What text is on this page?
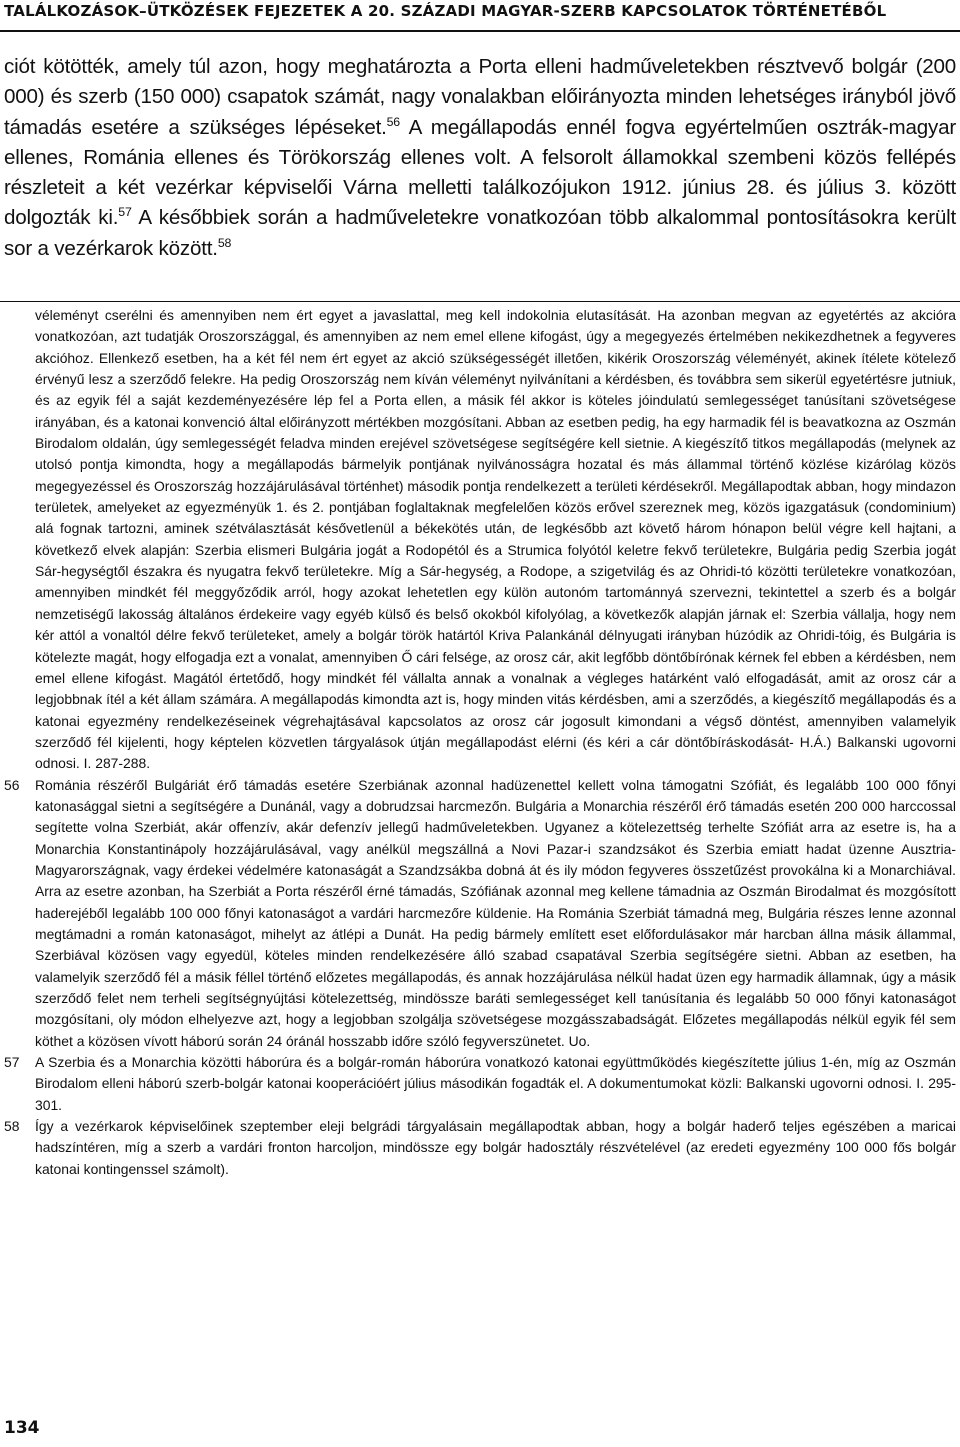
TALÁLKOZÁSOK–ÜTKÖZÉSEK FEJEZETEK A 20. SZÁZADI MAGYAR-SZERB KAPCSOLATOK TÖRTÉNETÉBŐL

ciót kötötték, amely túl azon, hogy meghatározta a Porta elleni hadműveletekben résztvevő bolgár (200 000) és szerb (150 000) csapatok számát, nagy vonalakban előirányozta minden lehetséges irányból jövő támadás esetére a szükséges lépéseket.$^{56}$ A megállapodás ennél fogva egyértelműen osztrák-magyar ellenes, Románia ellenes és Törökország ellenes volt. A felsorolt államokkal szembeni közös fellépés részleteit a két vezérkar képviselői Várna melletti találkozójukon 1912. június 28. és július 3. között dolgozták ki.$^{57}$ A későbbiek során a hadműveletekre vonatkozóan több alkalommal pontosításokra került sor a vezérkarok között.$^{58}$

véleményt cserélni és amennyiben nem ért egyet a javaslattal, meg kell indokolnia elutasítását. Ha azonban megvan az egyetértés az akcióra vonatkozóan, azt tudatják Oroszországgal, és amennyiben az nem emel ellene kifogást, úgy a megegyezés értelmében nekikezdhetnek a fegyveres akcióhoz. Ellenkező esetben, ha a két fél nem ért egyet az akció szükségességét illetően, kikérik Oroszország véleményét, akinek ítélete kötelező érvényű lesz a szerződő felekre. Ha pedig Oroszország nem kíván véleményt nyilvánítani a kérdésben, és továbbra sem sikerül egyetértésre jutniuk, és az egyik fél a saját kezdeményezésére lép fel a Porta ellen, a másik fél akkor is köteles jóindulatú semlegességet tanúsítani szövetségese irányában, és a katonai konvenció által előirányzott mértékben mozgósítani. Abban az esetben pedig, ha egy harmadik fél is beavatkozna az Oszmán Birodalom oldalán, úgy semlegességét feladva minden erejével szövetségese segítségére kell sietnie. A kiegészítő titkos megállapodás (melynek az utolsó pontja kimondta, hogy a megállapodás bármelyik pontjának nyilvánosságra hozatal és más állammal történő közlése kizárólag közös megegyezéssel és Oroszország hozzájárulásával történhet) második pontja rendelkezett a területi kérdésekről. Megállapodtak abban, hogy mindazon területek, amelyeket az egyezményük 1. és 2. pontjában foglaltaknak megfelelően közös erővel szereznek meg, közös igazgatásuk (condominium) alá fognak tartozni, aminek szétválasztását késővetlenül a békekötés után, de legkésőbb azt követő három hónapon belül végre kell hajtani, a következő elvek alapján: Szerbia elismeri Bulgária jogát a Rodopétól és a Strumica folyótól keletre fekvő területekre, Bulgária pedig Szerbia jogát Sár-hegységtől északra és nyugatra fekvő területekre. Míg a Sár-hegység, a Rodope, a szigetvilág és az Ohridi-tó közötti területekre vonatkozóan, amennyiben mindkét fél meggyőződik arról, hogy azokat lehetetlen egy külön autonóm tartománnyá szervezni, tekintettel a szerb és a bolgár nemzetiségű lakosság általános érdekeire vagy egyéb külső és belső okokból kifolyólag, a következők alapján járnak el: Szerbia vállalja, hogy nem kér attól a vonaltól délre fekvő területeket, amely a bolgár török határtól Kriva Palankánál délnyugati irányban húzódik az Ohridi-tóig, és Bulgária is kötelezte magát, hogy elfogadja ezt a vonalat, amennyiben Ő cári felsége, az orosz cár, akit legfőbb döntőbírónak kérnek fel ebben a kérdésben, nem emel ellene kifogást. Magától értetődő, hogy mindkét fél vállalta annak a vonalnak a végleges határként való elfogadását, amit az orosz cár a legjobbnak ítél a két állam számára. A megállapodás kimondta azt is, hogy minden vitás kérdésben, ami a szerződés, a kiegészítő megállapodás és a katonai egyezmény rendelkezéseinek végrehajtásával kapcsolatos az orosz cár jogosult kimondani a végső döntést, amennyiben valamelyik szerződő fél kijelenti, hogy képtelen közvetlen tárgyalások útján megállapodást elérni (és kéri a cár döntőbíráskodását- H.Á.) Balkanski ugovorni odnosi. I. 287-288.

56 Románia részéről Bulgáriát érő támadás esetére Szerbiának azonnal hadüzenettel kellett volna támogatni Szófiát, és legalább 100 000 főnyi katonasággal sietni a segítségére a Dunánál, vagy a dobrudzsai harcmezőn. Bulgária a Monarchia részéről érő támadás esetén 200 000 harccossal segítette volna Szerbiát, akár offenzív, akár defenzív jellegű hadműveletekben. Ugyanez a kötelezettség terhelte Szófiát arra az esetre is, ha a Monarchia Konstantinápoly hozzájárulásával, vagy anélkül megszállná a Novi Pazar-i szandzsákot és Szerbia emiatt hadat üzenne Ausztria-Magyarországnak, vagy érdekei védelmére katonaságát a Szandzsákba dobná át és ily módon fegyveres összetűzést provokálna ki a Monarchiával. Arra az esetre azonban, ha Szerbiát a Porta részéről érné támadás, Szófiának azonnal meg kellene támadnia az Oszmán Birodalmat és mozgósított haderejéből legalább 100 000 főnyi katonaságot a vardári harcmezőre küldenie. Ha Románia Szerbiát támadná meg, Bulgária részes lenne azonnal megtámadni a román katonaságot, mihelyt az átlépi a Dunát. Ha pedig bármely említett eset előfordulásakor már harcban állna másik állammal, Szerbiával közösen vagy egyedül, köteles minden rendelkezésére álló szabad csapatával Szerbia segítségére sietni. Abban az esetben, ha valamelyik szerződő fél a másik féllel történő előzetes megállapodás, és annak hozzájárulása nélkül hadat üzen egy harmadik államnak, úgy a másik szerződő felet nem terheli segítségnyújtási kötelezettség, mindössze baráti semlegességet kell tanúsítania és legalább 50 000 főnyi katonaságot mozgósítani, oly módon elhelyezve azt, hogy a legjobban szolgálja szövetségese mozgásszabadságát. Előzetes megállapodás nélkül egyik fél sem köthet a közösen vívott háború során 24 óránál hosszabb időre szóló fegyverszünetet. Uo.

57 A Szerbia és a Monarchia közötti háborúra és a bolgár-román háborúra vonatkozó katonai együttműködés kiegészítette július 1-én, míg az Oszmán Birodalom elleni háború szerb-bolgár katonai kooperációért július másodikán fogadták el. A dokumentumokat közli: Balkanski ugovorni odnosi. I. 295-301.

58 Így a vezérkarok képviselőinek szeptember eleji belgrádi tárgyalásain megállapodtak abban, hogy a bolgár haderő teljes egészében a maricai hadszíntéren, míg a szerb a vardári fronton harcoljon, mindössze egy bolgár hadosztály részvételével (az eredeti egyezmény 100 000 fős bolgár katonai kontingenssel számolt).

134
